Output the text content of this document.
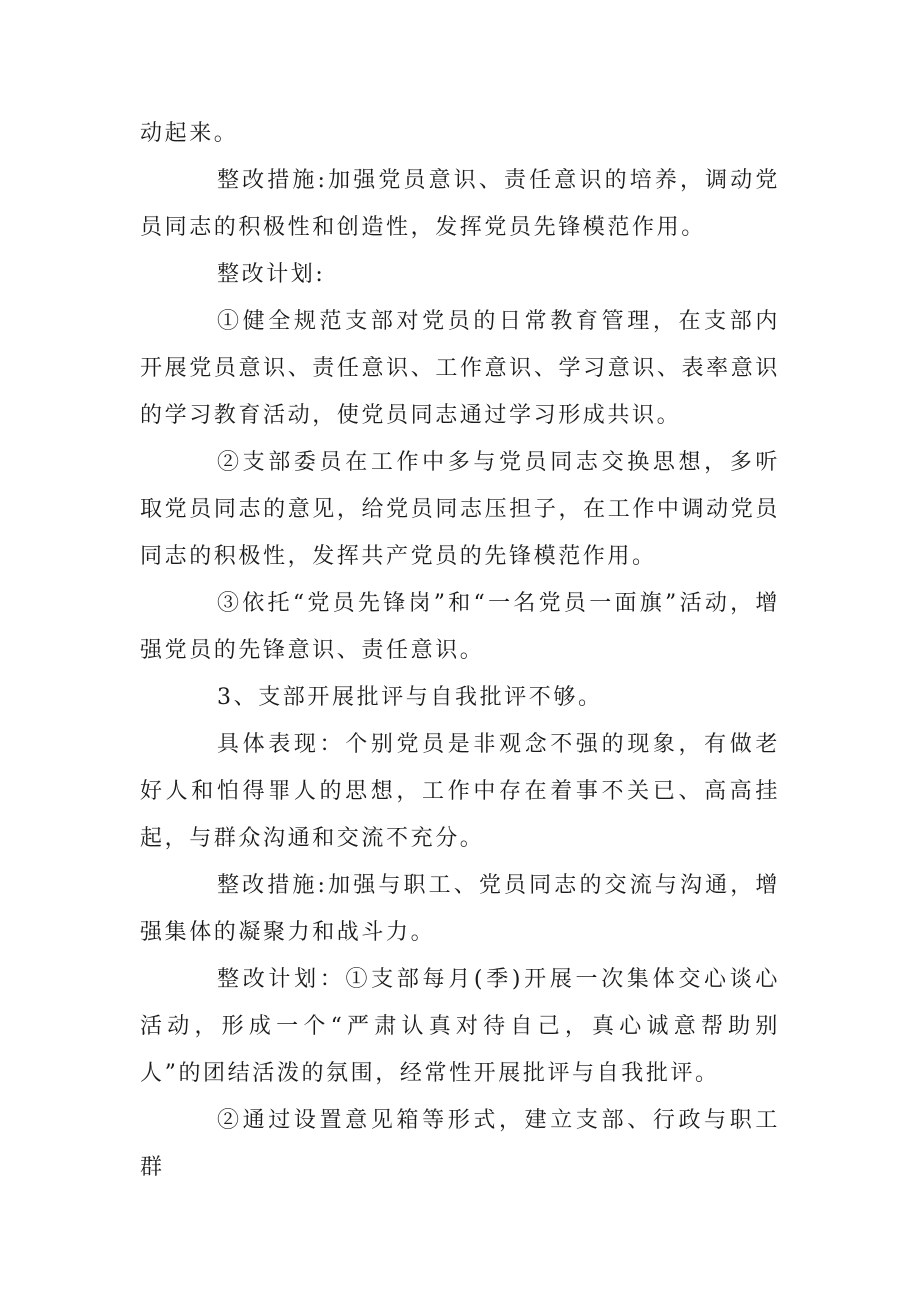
动起来。

整改措施:加强党员意识、责任意识的培养，调动党员同志的积极性和创造性，发挥党员先锋模范作用。

整改计划:

①健全规范支部对党员的日常教育管理，在支部内开展党员意识、责任意识、工作意识、学习意识、表率意识的学习教育活动，使党员同志通过学习形成共识。

②支部委员在工作中多与党员同志交换思想，多听取党员同志的意见，给党员同志压担子，在工作中调动党员同志的积极性，发挥共产党员的先锋模范作用。

③依托“党员先锋岗”和“一名党员一面旗”活动，增强党员的先锋意识、责任意识。

3、支部开展批评与自我批评不够。

具体表现：个别党员是非观念不强的现象，有做老好人和怕得罪人的思想，工作中存在着事不关已、高高挂起，与群众沟通和交流不充分。

整改措施:加强与职工、党员同志的交流与沟通，增强集体的凝聚力和战斗力。

整改计划：①支部每月(季)开展一次集体交心谈心活动，形成一个“严肃认真对待自己，真心诚意帮助别人”的团结活泼的氛围，经常性开展批评与自我批评。

②通过设置意见箱等形式，建立支部、行政与职工群
